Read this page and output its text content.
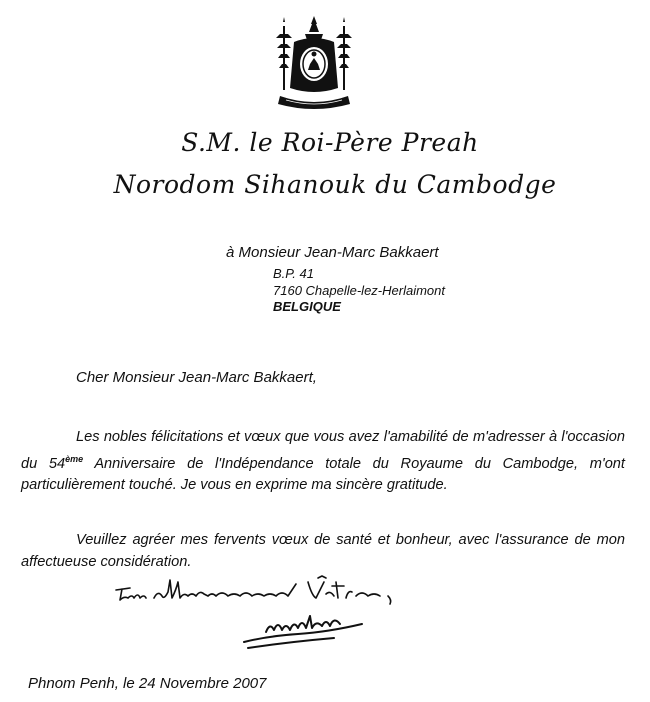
S.M. le Roi-Père Preah
Norodom Sihanouk du Cambodge
à Monsieur Jean-Marc Bakkaert
B.P. 41
7160 Chapelle-lez-Herlaimont
BELGIQUE
Cher Monsieur Jean-Marc Bakkaert,
Les nobles félicitations et vœux que vous avez l'amabilité de m'adresser à l'occasion du 54ème Anniversaire de l'Indépendance totale du Royaume du Cambodge, m'ont particulièrement touché. Je vous en exprime ma sincère gratitude.
Veuillez agréer mes fervents vœux de santé et bonheur, avec l'assurance de mon affectueuse considération.
Phnom Penh, le 24 Novembre 2007
